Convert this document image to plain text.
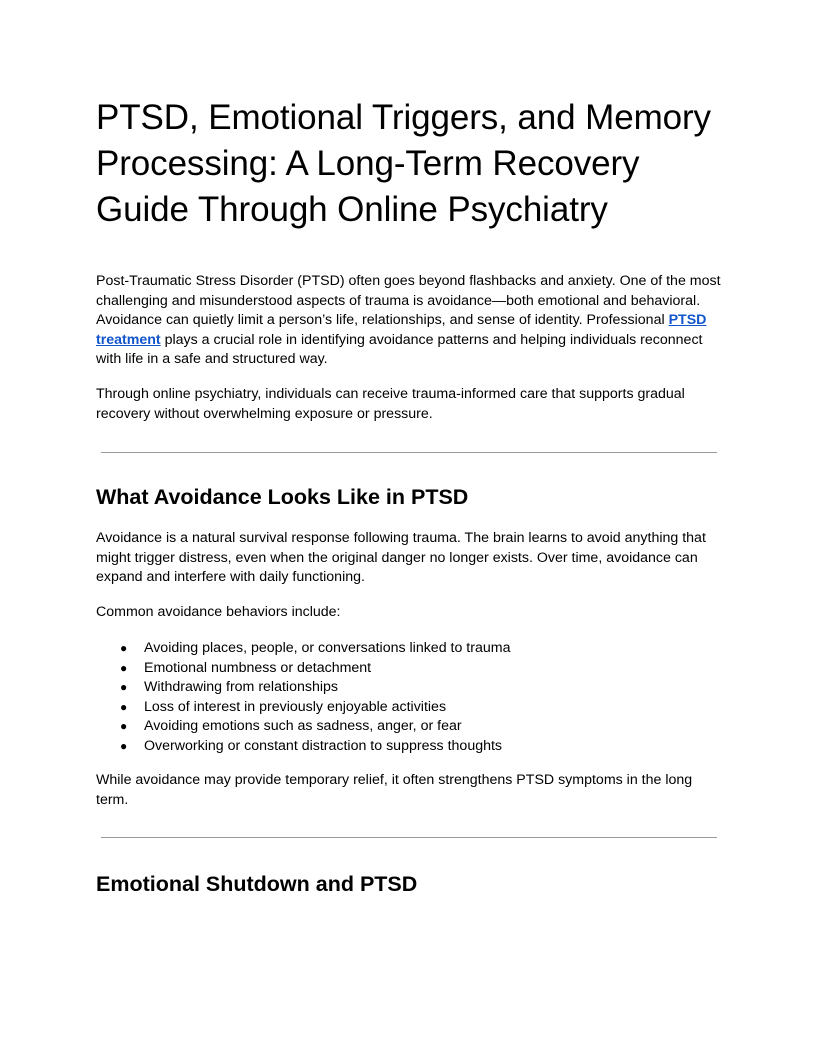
PTSD, Emotional Triggers, and Memory Processing: A Long-Term Recovery Guide Through Online Psychiatry

Post-Traumatic Stress Disorder (PTSD) often goes beyond flashbacks and anxiety. One of the most challenging and misunderstood aspects of trauma is avoidance—both emotional and behavioral. Avoidance can quietly limit a person’s life, relationships, and sense of identity. Professional PTSD treatment plays a crucial role in identifying avoidance patterns and helping individuals reconnect with life in a safe and structured way.

Through online psychiatry, individuals can receive trauma-informed care that supports gradual recovery without overwhelming exposure or pressure.

What Avoidance Looks Like in PTSD

Avoidance is a natural survival response following trauma. The brain learns to avoid anything that might trigger distress, even when the original danger no longer exists. Over time, avoidance can expand and interfere with daily functioning.

Common avoidance behaviors include:

● Avoiding places, people, or conversations linked to trauma
● Emotional numbness or detachment
● Withdrawing from relationships
● Loss of interest in previously enjoyable activities
● Avoiding emotions such as sadness, anger, or fear
● Overworking or constant distraction to suppress thoughts

While avoidance may provide temporary relief, it often strengthens PTSD symptoms in the long term.

Emotional Shutdown and PTSD
